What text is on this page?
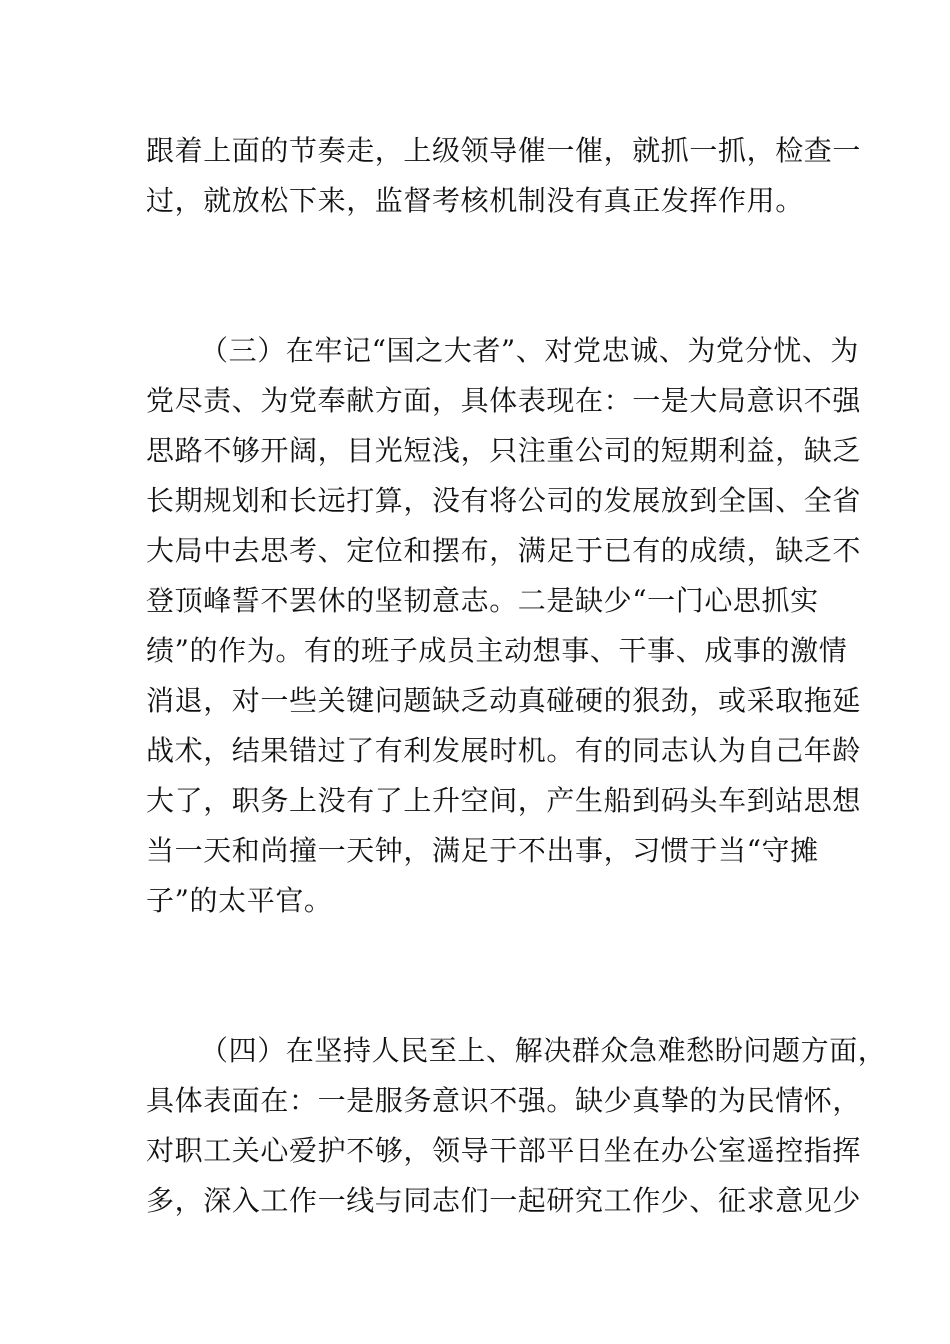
跟着上面的节奏走，上级领导催一催，就抓一抓，检查一
过，就放松下来，监督考核机制没有真正发挥作用。
（三）在牢记“国之大者”、对党忠诚、为党分忧、为
党尽责、为党奉献方面，具体表现在：一是大局意识不强
思路不够开阔，目光短浅，只注重公司的短期利益，缺乏
长期规划和长远打算，没有将公司的发展放到全国、全省
大局中去思考、定位和摆布，满足于已有的成绩，缺乏不
登顶峰誓不罢休的坚韧意志。二是缺少“一门心思抓实
绩”的作为。有的班子成员主动想事、干事、成事的激情
消退，对一些关键问题缺乏动真碰硬的狠劲，或采取拖延
战术，结果错过了有利发展时机。有的同志认为自己年龄
大了，职务上没有了上升空间，产生船到码头车到站思想
当一天和尚撞一天钟，满足于不出事，习惯于当“守摊
子”的太平官。
（四）在坚持人民至上、解决群众急难愁盼问题方面，
具体表面在：一是服务意识不强。缺少真挚的为民情怀，
对职工关心爱护不够，领导干部平日坐在办公室遥控指挥
多，深入工作一线与同志们一起研究工作少、征求意见少
